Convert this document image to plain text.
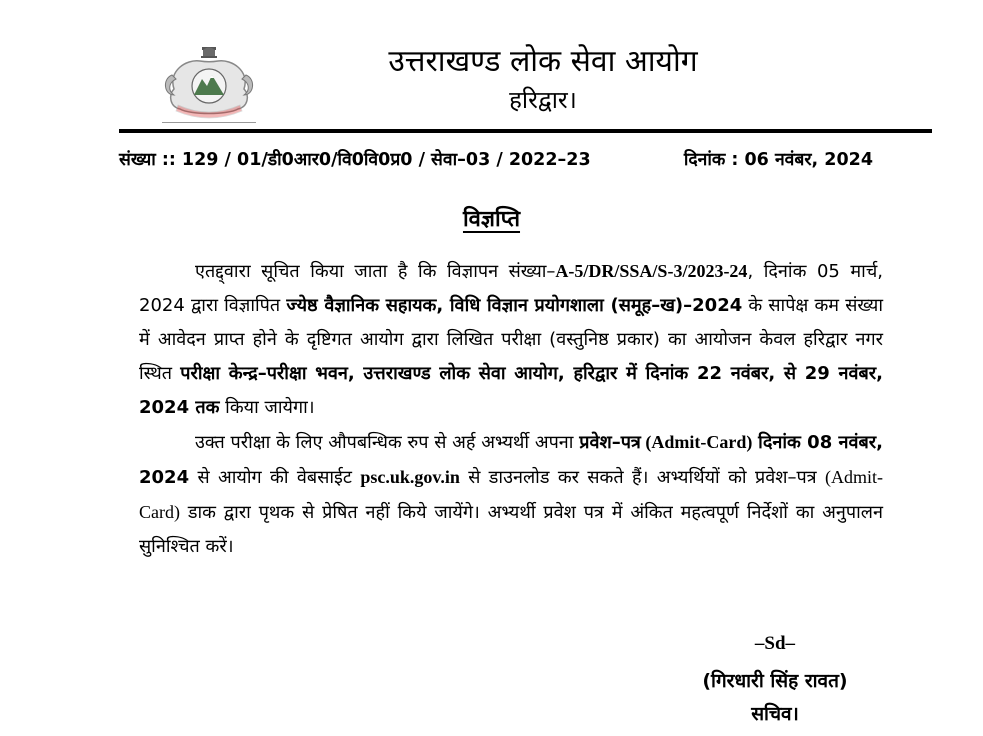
उत्तराखण्ड लोक सेवा आयोग
हरिद्वार।
संख्या :: 129 / 01/डी0आर0/वि0वि0प्र0 / सेवा–03 / 2022–23	दिनांक : 06 नवंबर, 2024
विज्ञप्ति

एतद्द्वारा सूचित किया जाता है कि विज्ञापन संख्या–A-5/DR/SSA/S-3/2023-24, दिनांक 05 मार्च, 2024 द्वारा विज्ञापित ज्येष्ठ वैज्ञानिक सहायक, विधि विज्ञान प्रयोगशाला (समूह–ख)–2024 के सापेक्ष कम संख्या में आवेदन प्राप्त होने के दृष्टिगत आयोग द्वारा लिखित परीक्षा (वस्तुनिष्ठ प्रकार) का आयोजन केवल हरिद्वार नगर स्थित परीक्षा केन्द्र–परीक्षा भवन, उत्तराखण्ड लोक सेवा आयोग, हरिद्वार में दिनांक 22 नवंबर, से 29 नवंबर, 2024 तक किया जायेगा।

उक्त परीक्षा के लिए औपबन्धिक रुप से अर्ह अभ्यर्थी अपना प्रवेश–पत्र (Admit-Card) दिनांक 08 नवंबर, 2024 से आयोग की वेबसाईट psc.uk.gov.in से डाउनलोड कर सकते हैं। अभ्यर्थियों को प्रवेश–पत्र (Admit-Card) डाक द्वारा पृथक से प्रेषित नहीं किये जायेंगे। अभ्यर्थी प्रवेश पत्र में अंकित महत्वपूर्ण निर्देशों का अनुपालन सुनिश्चित करें।

–Sd–
(गिरधारी सिंह रावत)
सचिव।
